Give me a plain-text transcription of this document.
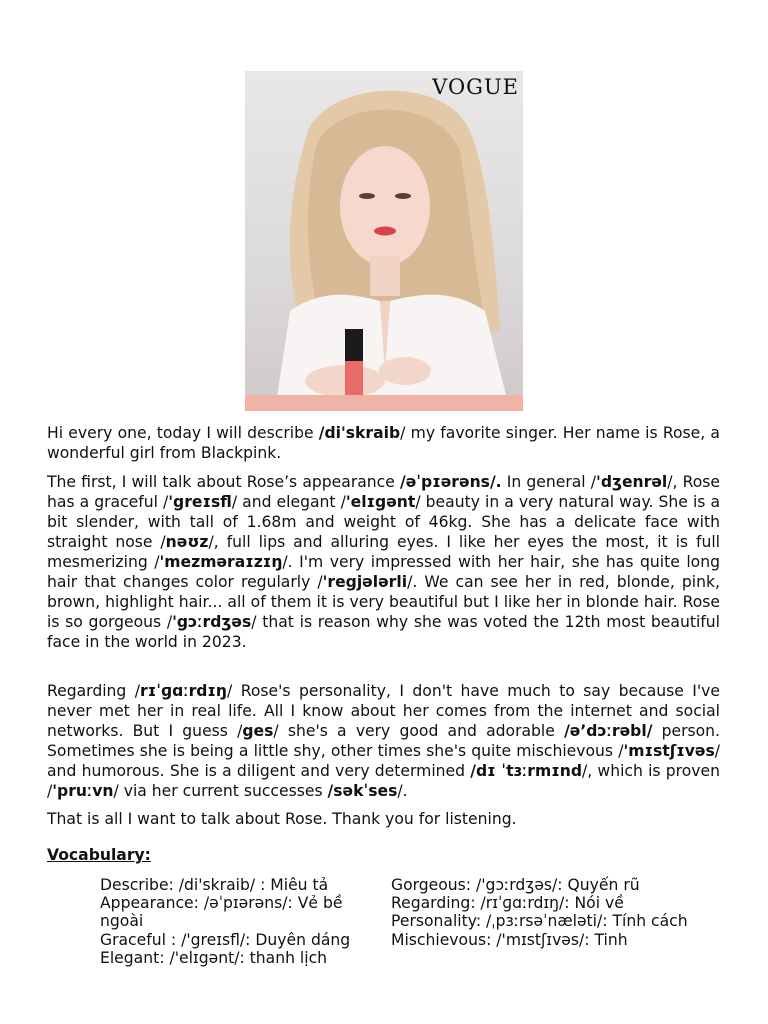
VOGUE

Hi every one, today I will describe /di'skraib/ my favorite singer. Her name is Rose, a wonderful girl from Blackpink.

The first, I will talk about Rose’s appearance /əˈpɪərəns/. In general /'dʒenrəl/, Rose has a graceful /'greɪsfl/ and elegant /'elɪgənt/ beauty in a very natural way. She is a bit slender, with tall of 1.68m and weight of 46kg. She has a delicate face with straight nose /nəʊz/, full lips and alluring eyes. I like her eyes the most, it is full mesmerizing /'mezməraɪzɪŋ/. I'm very impressed with her hair, she has quite long hair that changes color regularly /'regjələrli/. We can see her in red, blonde, pink, brown, highlight hair... all of them it is very beautiful but I like her in blonde hair. Rose is so gorgeous /'gɔːrdʒəs/ that is reason why she was voted the 12th most beautiful face in the world in 2023.

Regarding /rɪˈɡɑːrdɪŋ/ Rose's personality, I don't have much to say because I've never met her in real life. All I know about her comes from the internet and social networks. But I guess /ges/ she's a very good and adorable /ə’dɔːrəbl/ person. Sometimes she is being a little shy, other times she's quite mischievous /'mɪstʃɪvəs/ and humorous. She is a diligent and very determined /dɪ ˈtɜːrmɪnd/, which is proven /'pruːvn/ via her current successes /səkˈses/.

That is all I want to talk about Rose. Thank you for listening.

Vocabulary:

Describe: /di'skraib/ : Miêu tả
Appearance: /əˈpɪərəns/: Vẻ bề ngoài
Graceful : /'greɪsfl/: Duyên dáng
Elegant: /'elɪgənt/: thanh lịch
Gorgeous: /'gɔːrdʒəs/: Quyến rũ
Regarding: /rɪˈɡɑːrdɪŋ/: Nói về
Personality: /ˌpɜːrsəˈnæləti/: Tính cách
Mischievous: /'mɪstʃɪvəs/: Tinh
